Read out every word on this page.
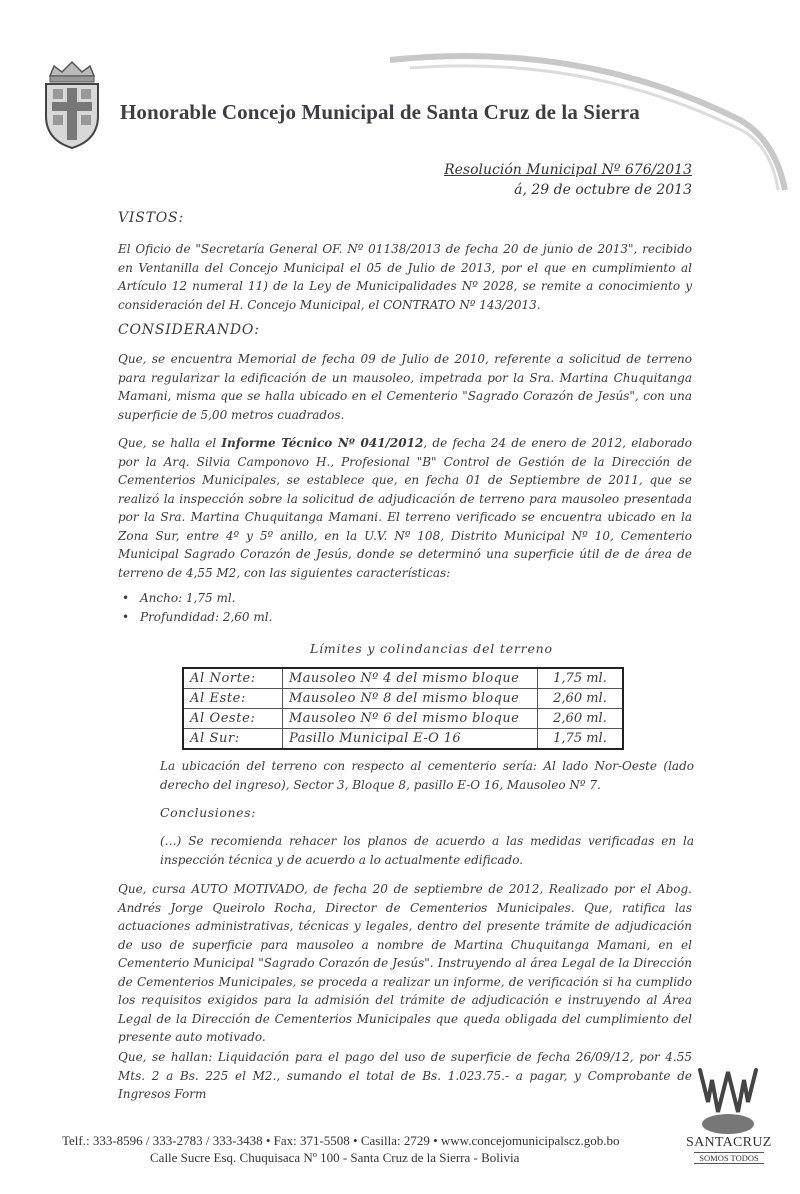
Honorable Concejo Municipal de Santa Cruz de la Sierra
Resolución Municipal Nº 676/2013
á, 29 de octubre de 2013
VISTOS:
El Oficio de "Secretaría General OF. Nº 01138/2013 de fecha 20 de junio de 2013", recibido en Ventanilla del Concejo Municipal el 05 de Julio de 2013, por el que en cumplimiento al Artículo 12 numeral 11) de la Ley de Municipalidades Nº 2028, se remite a conocimiento y consideración del H. Concejo Municipal, el CONTRATO Nº 143/2013.
CONSIDERANDO:
Que, se encuentra Memorial de fecha 09 de Julio de 2010, referente a solicitud de terreno para regularizar la edificación de un mausoleo, impetrada por la Sra. Martina Chuquitanga Mamani, misma que se halla ubicado en el Cementerio "Sagrado Corazón de Jesús", con una superficie de 5,00 metros cuadrados.
Que, se halla el Informe Técnico Nº 041/2012, de fecha 24 de enero de 2012, elaborado por la Arq. Silvia Camponovo H., Profesional "B" Control de Gestión de la Dirección de Cementerios Municipales, se establece que, en fecha 01 de Septiembre de 2011, que se realizó la inspección sobre la solicitud de adjudicación de terreno para mausoleo presentada por la Sra. Martina Chuquitanga Mamani. El terreno verificado se encuentra ubicado en la Zona Sur, entre 4º y 5º anillo, en la U.V. Nº 108, Distrito Municipal Nº 10, Cementerio Municipal Sagrado Corazón de Jesús, donde se determinó una superficie útil de de área de terreno de 4,55 M2, con las siguientes características:
• Ancho: 1,75 ml.
• Profundidad: 2,60 ml.
Límites y colindancias del terreno
Al Norte:	Mausoleo Nº 4 del mismo bloque	1,75 ml.
Al Este:	Mausoleo Nº 8 del mismo bloque	2,60 ml.
Al Oeste:	Mausoleo Nº 6 del mismo bloque	2,60 ml.
Al Sur:	Pasillo Municipal E-O 16	1,75 ml.
La ubicación del terreno con respecto al cementerio sería: Al lado Nor-Oeste (lado derecho del ingreso), Sector 3, Bloque 8, pasillo E-O 16, Mausoleo Nº 7.
Conclusiones:
(…) Se recomienda rehacer los planos de acuerdo a las medidas verificadas en la inspección técnica y de acuerdo a lo actualmente edificado.
Que, cursa AUTO MOTIVADO, de fecha 20 de septiembre de 2012, Realizado por el Abog. Andrés Jorge Queirolo Rocha, Director de Cementerios Municipales. Que, ratifica las actuaciones administrativas, técnicas y legales, dentro del presente trámite de adjudicación de uso de superficie para mausoleo a nombre de Martina Chuquitanga Mamani, en el Cementerio Municipal "Sagrado Corazón de Jesús". Instruyendo al área Legal de la Dirección de Cementerios Municipales, se proceda a realizar un informe, de verificación si ha cumplido los requisitos exigidos para la admisión del trámite de adjudicación e instruyendo al Área Legal de la Dirección de Cementerios Municipales que queda obligada del cumplimiento del presente auto motivado.
Que, se hallan: Liquidación para el pago del uso de superficie de fecha 26/09/12, por 4.55 Mts. 2 a Bs. 225 el M2., sumando el total de Bs. 1.023.75.- a pagar, y Comprobante de Ingresos Form
SANTACRUZ
SOMOS TODOS
Telf.: 333-8596 / 333-2783 / 333-3438 • Fax: 371-5508 • Casilla: 2729 • www.concejomunicipalscz.gob.bo
Calle Sucre Esq. Chuquisaca Nº 100 - Santa Cruz de la Sierra - Bolivia
